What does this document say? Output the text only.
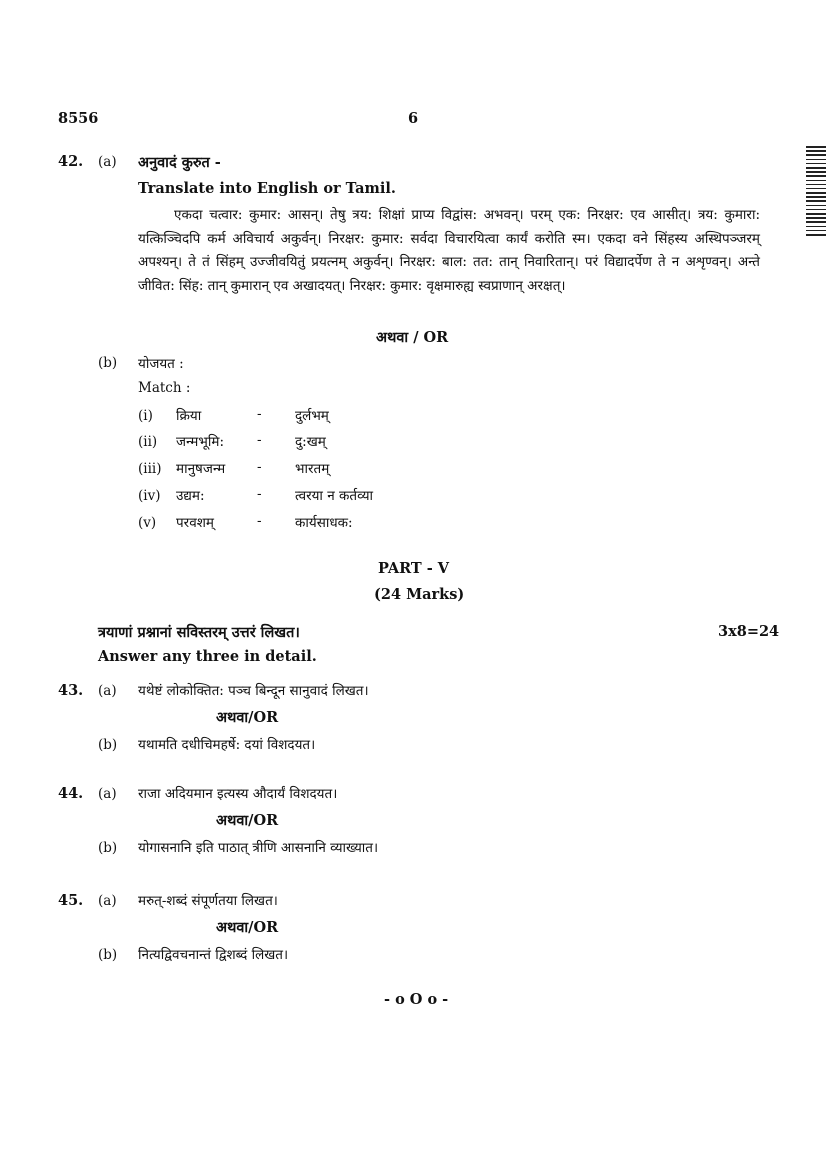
8556	6
42. (a) अनुवादं कुरुत -
Translate into English or Tamil.
एकदा चत्वार: कुमार: आसन्। तेषु त्रय: शिक्षां प्राप्य विद्वांस: अभवन्। परम् एक: निरक्षर: एव आसीत्। त्रय: कुमारा: यत्किञ्चिदपि कर्म अविचार्य अकुर्वन्। निरक्षर: कुमार: सर्वदा विचारयित्वा कार्यं करोति स्म। एकदा वने सिंहस्य अस्थिपञ्जरम् अपश्यन्। ते तं सिंहम् उज्जीवयितुं प्रयत्नम् अकुर्वन्। निरक्षर: बाल: तत: तान् निवारितान्। परं विद्यादर्पेण ते न अशृण्वन्। अन्ते जीवित: सिंह: तान् कुमारान् एव अखादयत्। निरक्षर: कुमार: वृक्षमारुह्य स्वप्राणान् अरक्षत्।
अथवा / OR
(b) योजयत :
Match :
(i) क्रिया	- दुर्लभम्
(ii) जन्मभूमि: - दु:खम्
(iii) मानुषजन्म - भारतम्
(iv) उद्यम:	- त्वरया न कर्तव्या
(v) परवशम्	- कार्यसाधक:
PART - V
(24 Marks)
त्रयाणां प्रश्नानां सविस्तरम् उत्तरं लिखत।	3x8=24
Answer any three in detail.
43. (a) यथेष्टं लोकोक्तित: पञ्च बिन्दून सानुवादं लिखत।
अथवा/OR
(b) यथामति दधीचिमहर्षे: दयां विशदयत।
44. (a) राजा अदियमान इत्यस्य औदार्यं विशदयत।
अथवा/OR
(b) योगासनानि इति पाठात् त्रीणि आसनानि व्याख्यात।
45. (a) मरुत्-शब्दं संपूर्णतया लिखत।
अथवा/OR
(b) नित्यद्विवचनान्तं द्विशब्दं लिखत।
- o O o -
